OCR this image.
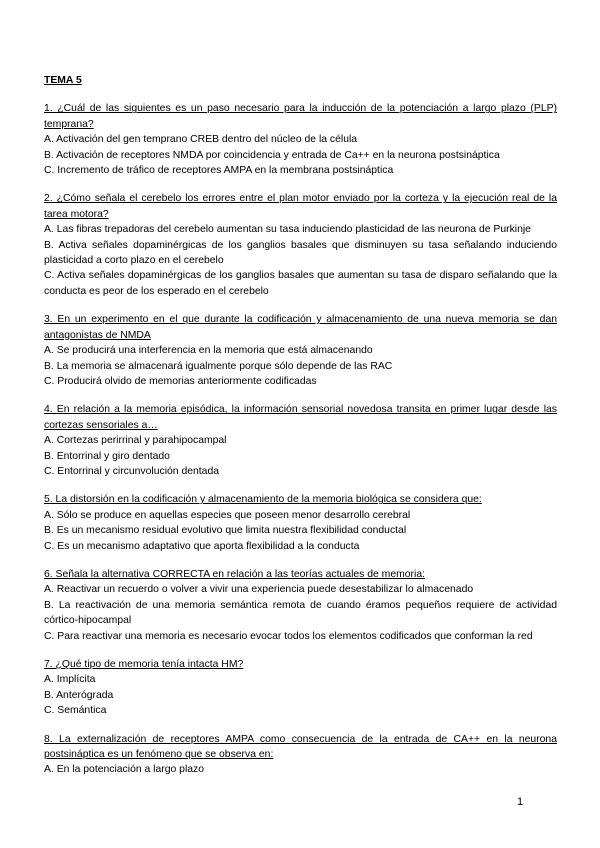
TEMA 5
1. ¿Cuál de las siguientes es un paso necesario para la inducción de la potenciación a largo plazo (PLP) temprana?
A. Activación del gen temprano CREB dentro del núcleo de la célula
B. Activación de receptores NMDA por coincidencia y entrada de Ca++ en la neurona postsináptica
C. Incremento de tráfico de receptores AMPA en la membrana postsináptica
2. ¿Cómo señala el cerebelo los errores entre el plan motor enviado por la corteza y la ejecución real de la tarea motora?
A. Las fibras trepadoras del cerebelo aumentan su tasa induciendo plasticidad de las neurona de Purkinje
B. Activa señales dopaminérgicas de los ganglios basales que disminuyen su tasa señalando induciendo plasticidad a corto plazo en el cerebelo
C. Activa señales dopaminérgicas de los ganglios basales que aumentan su tasa de disparo señalando que la conducta es peor de los esperado en el cerebelo
3. En un experimento en el que durante la codificación y almacenamiento de una nueva memoria se dan antagonistas de NMDA
A. Se producirá una interferencia en la memoria que está almacenando
B. La memoria se almacenará igualmente porque sólo depende de las RAC
C. Producirá olvido de memorias anteriormente codificadas
4. En relación a la memoria episódica, la información sensorial novedosa transita en primer lugar desde las cortezas sensoriales a…
A. Cortezas perirrinal y parahipocampal
B. Entorrinal y giro dentado
C. Entorrinal y circunvolución dentada
5. La distorsión en la codificación y almacenamiento de la memoria biológica se considera que:
A. Sólo se produce en aquellas especies que poseen menor desarrollo cerebral
B. Es un mecanismo residual evolutivo que limita nuestra flexibilidad conductal
C. Es un mecanismo adaptativo que aporta flexibilidad a la conducta
6. Señala la alternativa CORRECTA en relación a las teorías actuales de memoria:
A. Reactivar un recuerdo o volver a vivir una experiencia puede desestabilizar lo almacenado
B. La reactivación de una memoria semántica remota de cuando éramos pequeños requiere de actividad córtico-hipocampal
C. Para reactivar una memoria es necesario evocar todos los elementos codificados que conforman la red
7. ¿Qué tipo de memoria tenía intacta HM?
A. Implícita
B. Anterógrada
C. Semántica
8. La externalización de receptores AMPA como consecuencia de la entrada de CA++ en la neurona postsináptica es un fenómeno que se observa en:
A. En la potenciación a largo plazo
1
